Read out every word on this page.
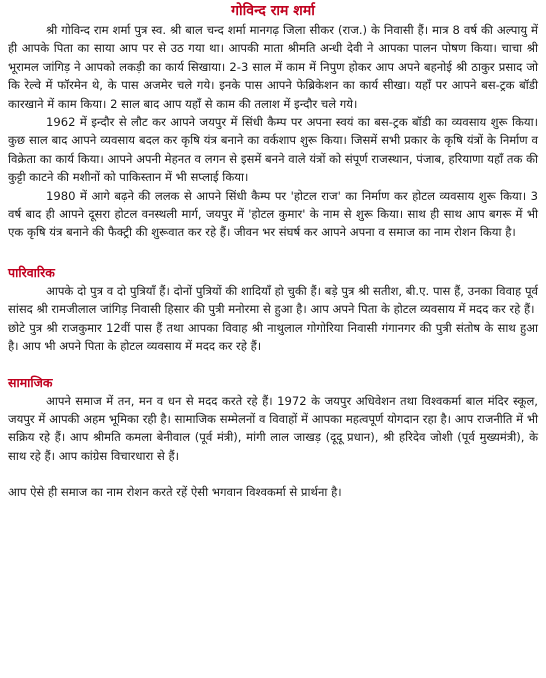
गोविन्द राम शर्मा

श्री गोविन्द राम शर्मा पुत्र स्व. श्री बाल चन्द शर्मा मानगढ़ जिला सीकर (राज.) के निवासी हैं। मात्र 8 वर्ष की अल्पायु में ही आपके पिता का साया आप पर से उठ गया था। आपकी माता श्रीमति अन्धी देवी ने आपका पालन पोषण किया। चाचा श्री भूरामल जांगिड़ ने आपको लकड़ी का कार्य सिखाया। 2-3 साल में काम में निपुण होकर आप अपने बहनोई श्री ठाकुर प्रसाद जो कि रेल्वे में फॉरमेन थे, के पास अजमेर चले गये। इनके पास आपने फेब्रिकेशन का कार्य सीखा। यहाँ पर आपने बस-ट्रक बॉडी कारखाने में काम किया। 2 साल बाद आप यहाँ से काम की तलाश में इन्दौर चले गये।

1962 में इन्दौर से लौट कर आपने जयपुर में सिंधी कैम्प पर अपना स्वयं का बस-ट्रक बॉडी का व्यवसाय शुरू किया। कुछ साल बाद आपने व्यवसाय बदल कर कृषि यंत्र बनाने का वर्कशाप शुरू किया। जिसमें सभी प्रकार के कृषि यंत्रों के निर्माण व विक्रेता का कार्य किया। आपने अपनी मेहनत व लगन से इसमें बनने वाले यंत्रों को संपूर्ण राजस्थान, पंजाब, हरियाणा यहाँ तक की कुट्टी काटने की मशीनों को पाकिस्तान में भी सप्लाई किया।

1980 में आगे बढ़ने की ललक से आपने सिंधी कैम्प पर 'होटल राज' का निर्माण कर होटल व्यवसाय शुरू किया। 3 वर्ष बाद ही आपने दूसरा होटल वनस्थली मार्ग, जयपुर में 'होटल कुमार' के नाम से शुरू किया। साथ ही साथ आप बगरू में भी एक कृषि यंत्र बनाने की फैक्ट्री की शुरूवात कर रहे हैं। जीवन भर संघर्ष कर आपने अपना व समाज का नाम रोशन किया है।

पारिवारिक

आपके दो पुत्र व दो पुत्रियाँ हैं। दोनों पुत्रियों की शादियाँ हो चुकी हैं। बड़े पुत्र श्री सतीश, बी.ए. पास हैं, उनका विवाह पूर्व सांसद श्री रामजीलाल जांगिड़ निवासी हिसार की पुत्री मनोरमा से हुआ है। आप अपने पिता के होटल व्यवसाय में मदद कर रहे हैं।

छोटे पुत्र श्री राजकुमार 12वीं पास हैं तथा आपका विवाह श्री नाथुलाल गोगोरिया निवासी गंगानगर की पुत्री संतोष के साथ हुआ है। आप भी अपने पिता के होटल व्यवसाय में मदद कर रहे हैं।

सामाजिक

आपने समाज में तन, मन व धन से मदद करते रहे हैं। 1972 के जयपुर अधिवेशन तथा विश्वकर्मा बाल मंदिर स्कूल, जयपुर में आपकी अहम भूमिका रही है। सामाजिक सम्मेलनों व विवाहों में आपका महत्वपूर्ण योगदान रहा है। आप राजनीति में भी सक्रिय रहे हैं। आप श्रीमति कमला बेनीवाल (पूर्व मंत्री), मांगी लाल जाखड़ (दूदू प्रधान), श्री हरिदेव जोशी (पूर्व मुख्यमंत्री), के साथ रहे हैं। आप कांग्रेस विचारधारा से हैं।

आप ऐसे ही समाज का नाम रोशन करते रहें ऐसी भगवान विश्वकर्मा से प्रार्थना है।
